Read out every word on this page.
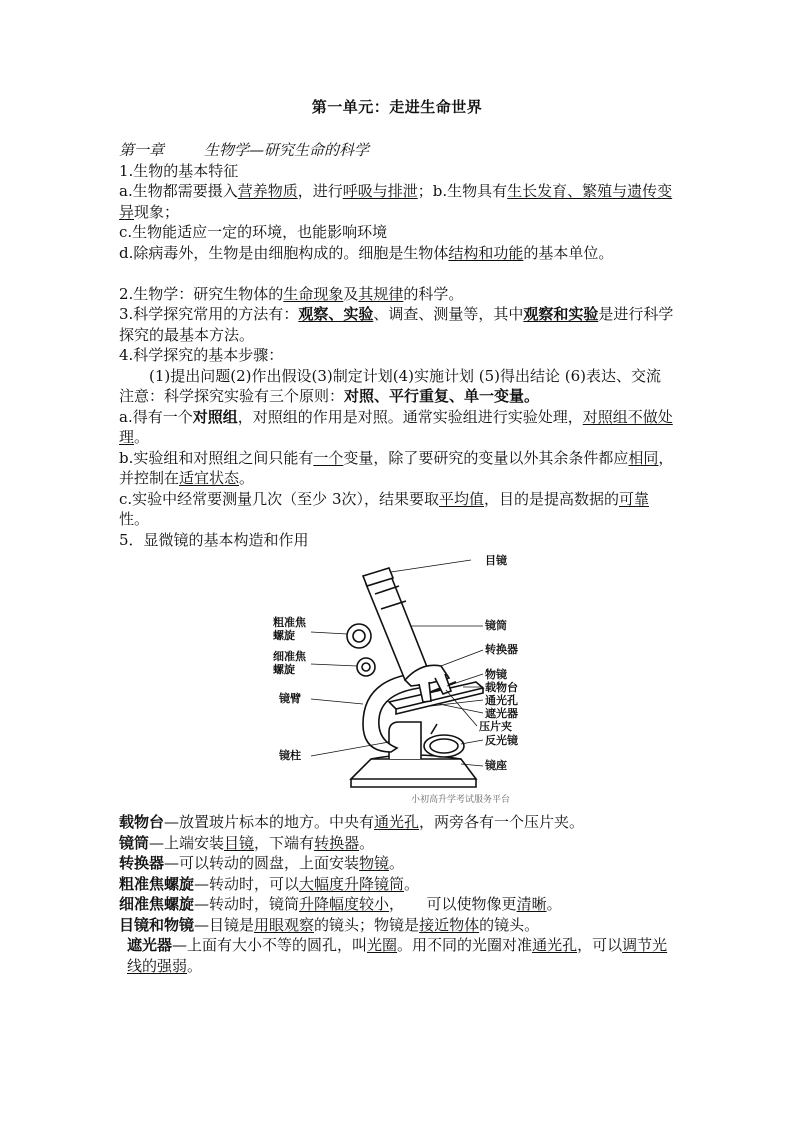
第一单元：走进生命世界

第一章	生物学—研究生命的科学

1.生物的基本特征

a.生物都需要摄入营养物质，进行呼吸与排泄；b.生物具有生长发育、繁殖与遗传变异现象；

c.生物能适应一定的环境，也能影响环境

d.除病毒外，生物是由细胞构成的。细胞是生物体结构和功能的基本单位。

2.生物学：研究生物体的生命现象及其规律的科学。

3.科学探究常用的方法有：观察、实验、调查、测量等，其中观察和实验是进行科学探究的最基本方法。

4.科学探究的基本步骤：

(1)提出问题(2)作出假设(3)制定计划(4)实施计划 (5)得出结论 (6)表达、交流

注意：科学探究实验有三个原则：对照、平行重复、单一变量。

a.得有一个对照组，对照组的作用是对照。通常实验组进行实验处理，对照组不做处理。

b.实验组和对照组之间只能有一个变量，除了要研究的变量以外其余条件都应相同，并控制在适宜状态。

c.实验中经常要测量几次（至少 3次），结果要取平均值，目的是提高数据的可靠性。

5．显微镜的基本构造和作用

目镜
镜筒
转换器
物镜
载物台
通光孔
遮光器
压片夹
反光镜
镜座
粗准焦
螺旋
细准焦
螺旋
镜臂
镜柱
小初高升学考试服务平台

载物台—放置玻片标本的地方。中央有通光孔，两旁各有一个压片夹。

镜筒—上端安装目镜，下端有转换器。

转换器—可以转动的圆盘，上面安装物镜。

粗准焦螺旋—转动时，可以大幅度升降镜筒。

细准焦螺旋—转动时，镜筒升降幅度较小，　　可以使物像更清晰。

目镜和物镜—目镜是用眼观察的镜头；物镜是接近物体的镜头。

遮光器—上面有大小不等的圆孔，叫光圈。用不同的光圈对准通光孔，可以调节光线的强弱。
